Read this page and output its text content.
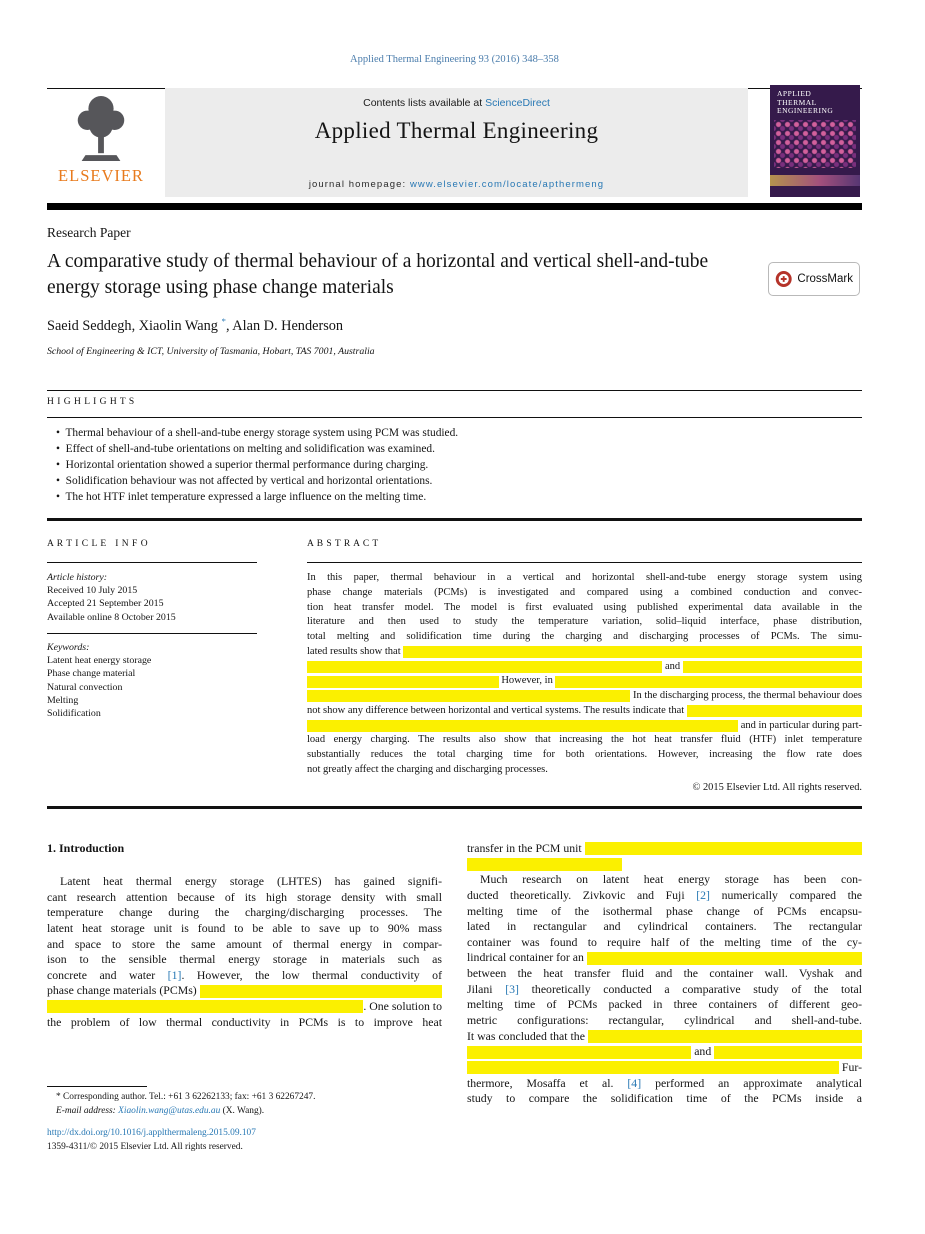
Applied Thermal Engineering 93 (2016) 348–358
ELSEVIER
Contents lists available at ScienceDirect
Applied Thermal Engineering
journal homepage: www.elsevier.com/locate/apthermeng
APPLIED THERMAL ENGINEERING
Research Paper
A comparative study of thermal behaviour of a horizontal and vertical shell-and-tube energy storage using phase change materials	CrossMark
Saeid Seddegh, Xiaolin Wang *, Alan D. Henderson
School of Engineering & ICT, University of Tasmania, Hobart, TAS 7001, Australia
H I G H L I G H T S
•  Thermal behaviour of a shell-and-tube energy storage system using PCM was studied.
•  Effect of shell-and-tube orientations on melting and solidification was examined.
•  Horizontal orientation showed a superior thermal performance during charging.
•  Solidification behaviour was not affected by vertical and horizontal orientations.
•  The hot HTF inlet temperature expressed a large influence on the melting time.
A R T I C L E   I N F O	A B S T R A C T
Article history:
Received 10 July 2015
Accepted 21 September 2015
Available online 8 October 2015
Keywords:
Latent heat energy storage
Phase change material
Natural convection
Melting
Solidification
In this paper, thermal behaviour in a vertical and horizontal shell-and-tube energy storage system using
phase change materials (PCMs) is investigated and compared using a combined conduction and convec-
tion heat transfer model. The model is first evaluated using published experimental data available in the
literature and then used to study the temperature variation, solid–liquid interface, phase distribution,
total melting and solidification time during the charging and discharging processes of PCMs. The simu-
lated results show that
and
However, in
In the discharging process, the thermal behaviour does
not show any difference between horizontal and vertical systems. The results indicate that
and in particular during part-
load energy charging. The results also show that increasing the hot heat transfer fluid (HTF) inlet temperature
substantially reduces the total charging time for both orientations. However, increasing the flow rate does
not greatly affect the charging and discharging processes.
© 2015 Elsevier Ltd. All rights reserved.
1. Introduction
Latent heat thermal energy storage (LHTES) has gained signifi-
cant research attention because of its high storage density with small
temperature change during the charging/discharging processes. The
latent heat storage unit is found to be able to save up to 90% mass
and space to store the same amount of thermal energy in compar-
ison to the sensible thermal energy storage in materials such as
concrete and water [1]. However, the low thermal conductivity of
phase change materials (PCMs)
. One solution to
the problem of low thermal conductivity in PCMs is to improve heat
transfer in the PCM unit
Much research on latent heat energy storage has been con-
ducted theoretically. Zivkovic and Fuji [2] numerically compared the
melting time of the isothermal phase change of PCMs encapsu-
lated in rectangular and cylindrical containers. The rectangular
container was found to require half of the melting time of the cy-
lindrical container for an
between the heat transfer fluid and the container wall. Vyshak and
Jilani [3] theoretically conducted a comparative study of the total
melting time of PCMs packed in three containers of different geo-
metric configurations: rectangular, cylindrical and shell-and-tube.
It was concluded that the
and
Fur-
thermore, Mosaffa et al. [4] performed an approximate analytical
study to compare the solidification time of the PCMs inside a
* Corresponding author. Tel.: +61 3 62262133; fax: +61 3 62267247.
E-mail address: Xiaolin.wang@utas.edu.au (X. Wang).
http://dx.doi.org/10.1016/j.applthermaleng.2015.09.107
1359-4311/© 2015 Elsevier Ltd. All rights reserved.
